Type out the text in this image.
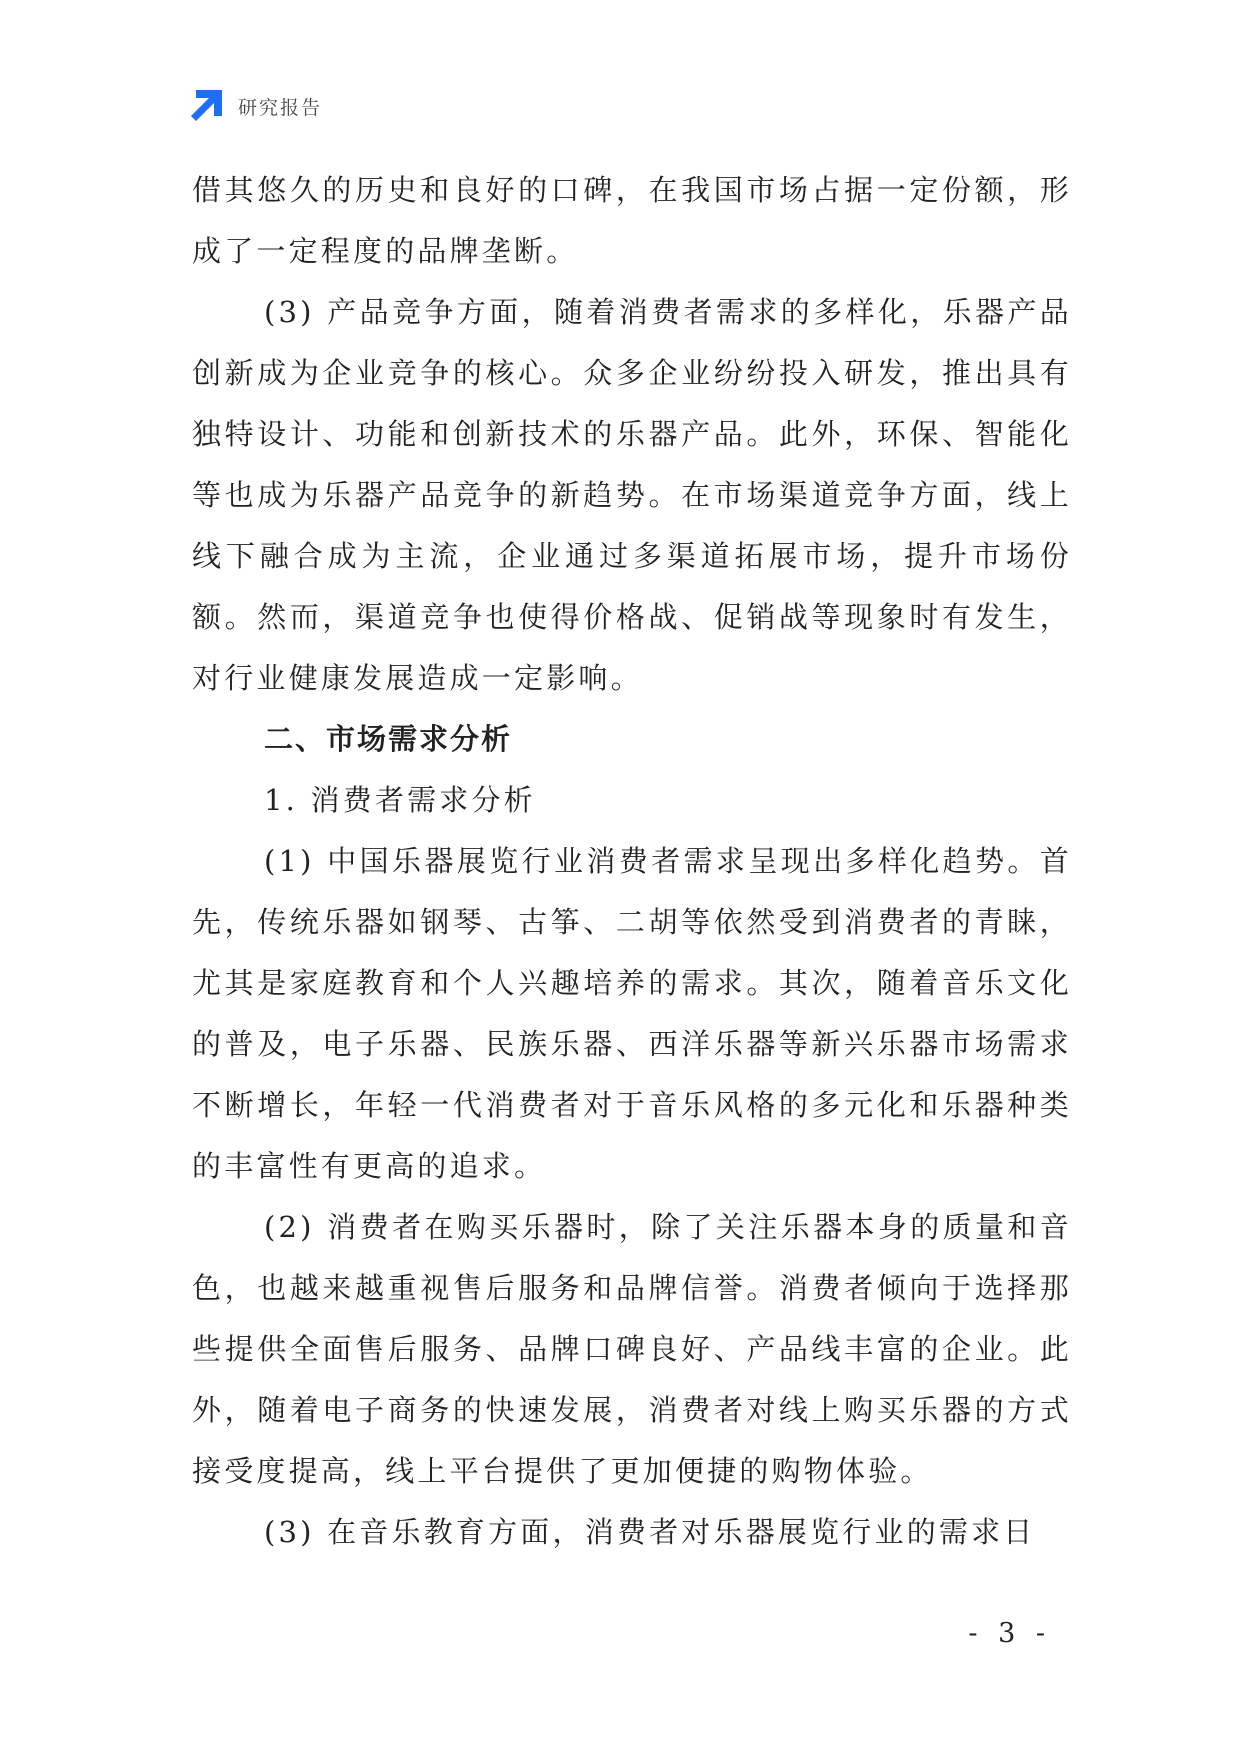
研究报告

借其悠久的历史和良好的口碑，在我国市场占据一定份额，形成了一定程度的品牌垄断。

(3) 产品竞争方面，随着消费者需求的多样化，乐器产品创新成为企业竞争的核心。众多企业纷纷投入研发，推出具有独特设计、功能和创新技术的乐器产品。此外，环保、智能化等也成为乐器产品竞争的新趋势。在市场渠道竞争方面，线上线下融合成为主流，企业通过多渠道拓展市场，提升市场份额。然而，渠道竞争也使得价格战、促销战等现象时有发生，对行业健康发展造成一定影响。

二、市场需求分析

1. 消费者需求分析

(1) 中国乐器展览行业消费者需求呈现出多样化趋势。首先，传统乐器如钢琴、古筝、二胡等依然受到消费者的青睐，尤其是家庭教育和个人兴趣培养的需求。其次，随着音乐文化的普及，电子乐器、民族乐器、西洋乐器等新兴乐器市场需求不断增长，年轻一代消费者对于音乐风格的多元化和乐器种类的丰富性有更高的追求。

(2) 消费者在购买乐器时，除了关注乐器本身的质量和音色，也越来越重视售后服务和品牌信誉。消费者倾向于选择那些提供全面售后服务、品牌口碑良好、产品线丰富的企业。此外，随着电子商务的快速发展，消费者对线上购买乐器的方式接受度提高，线上平台提供了更加便捷的购物体验。

(3) 在音乐教育方面，消费者对乐器展览行业的需求日

- 3 -
